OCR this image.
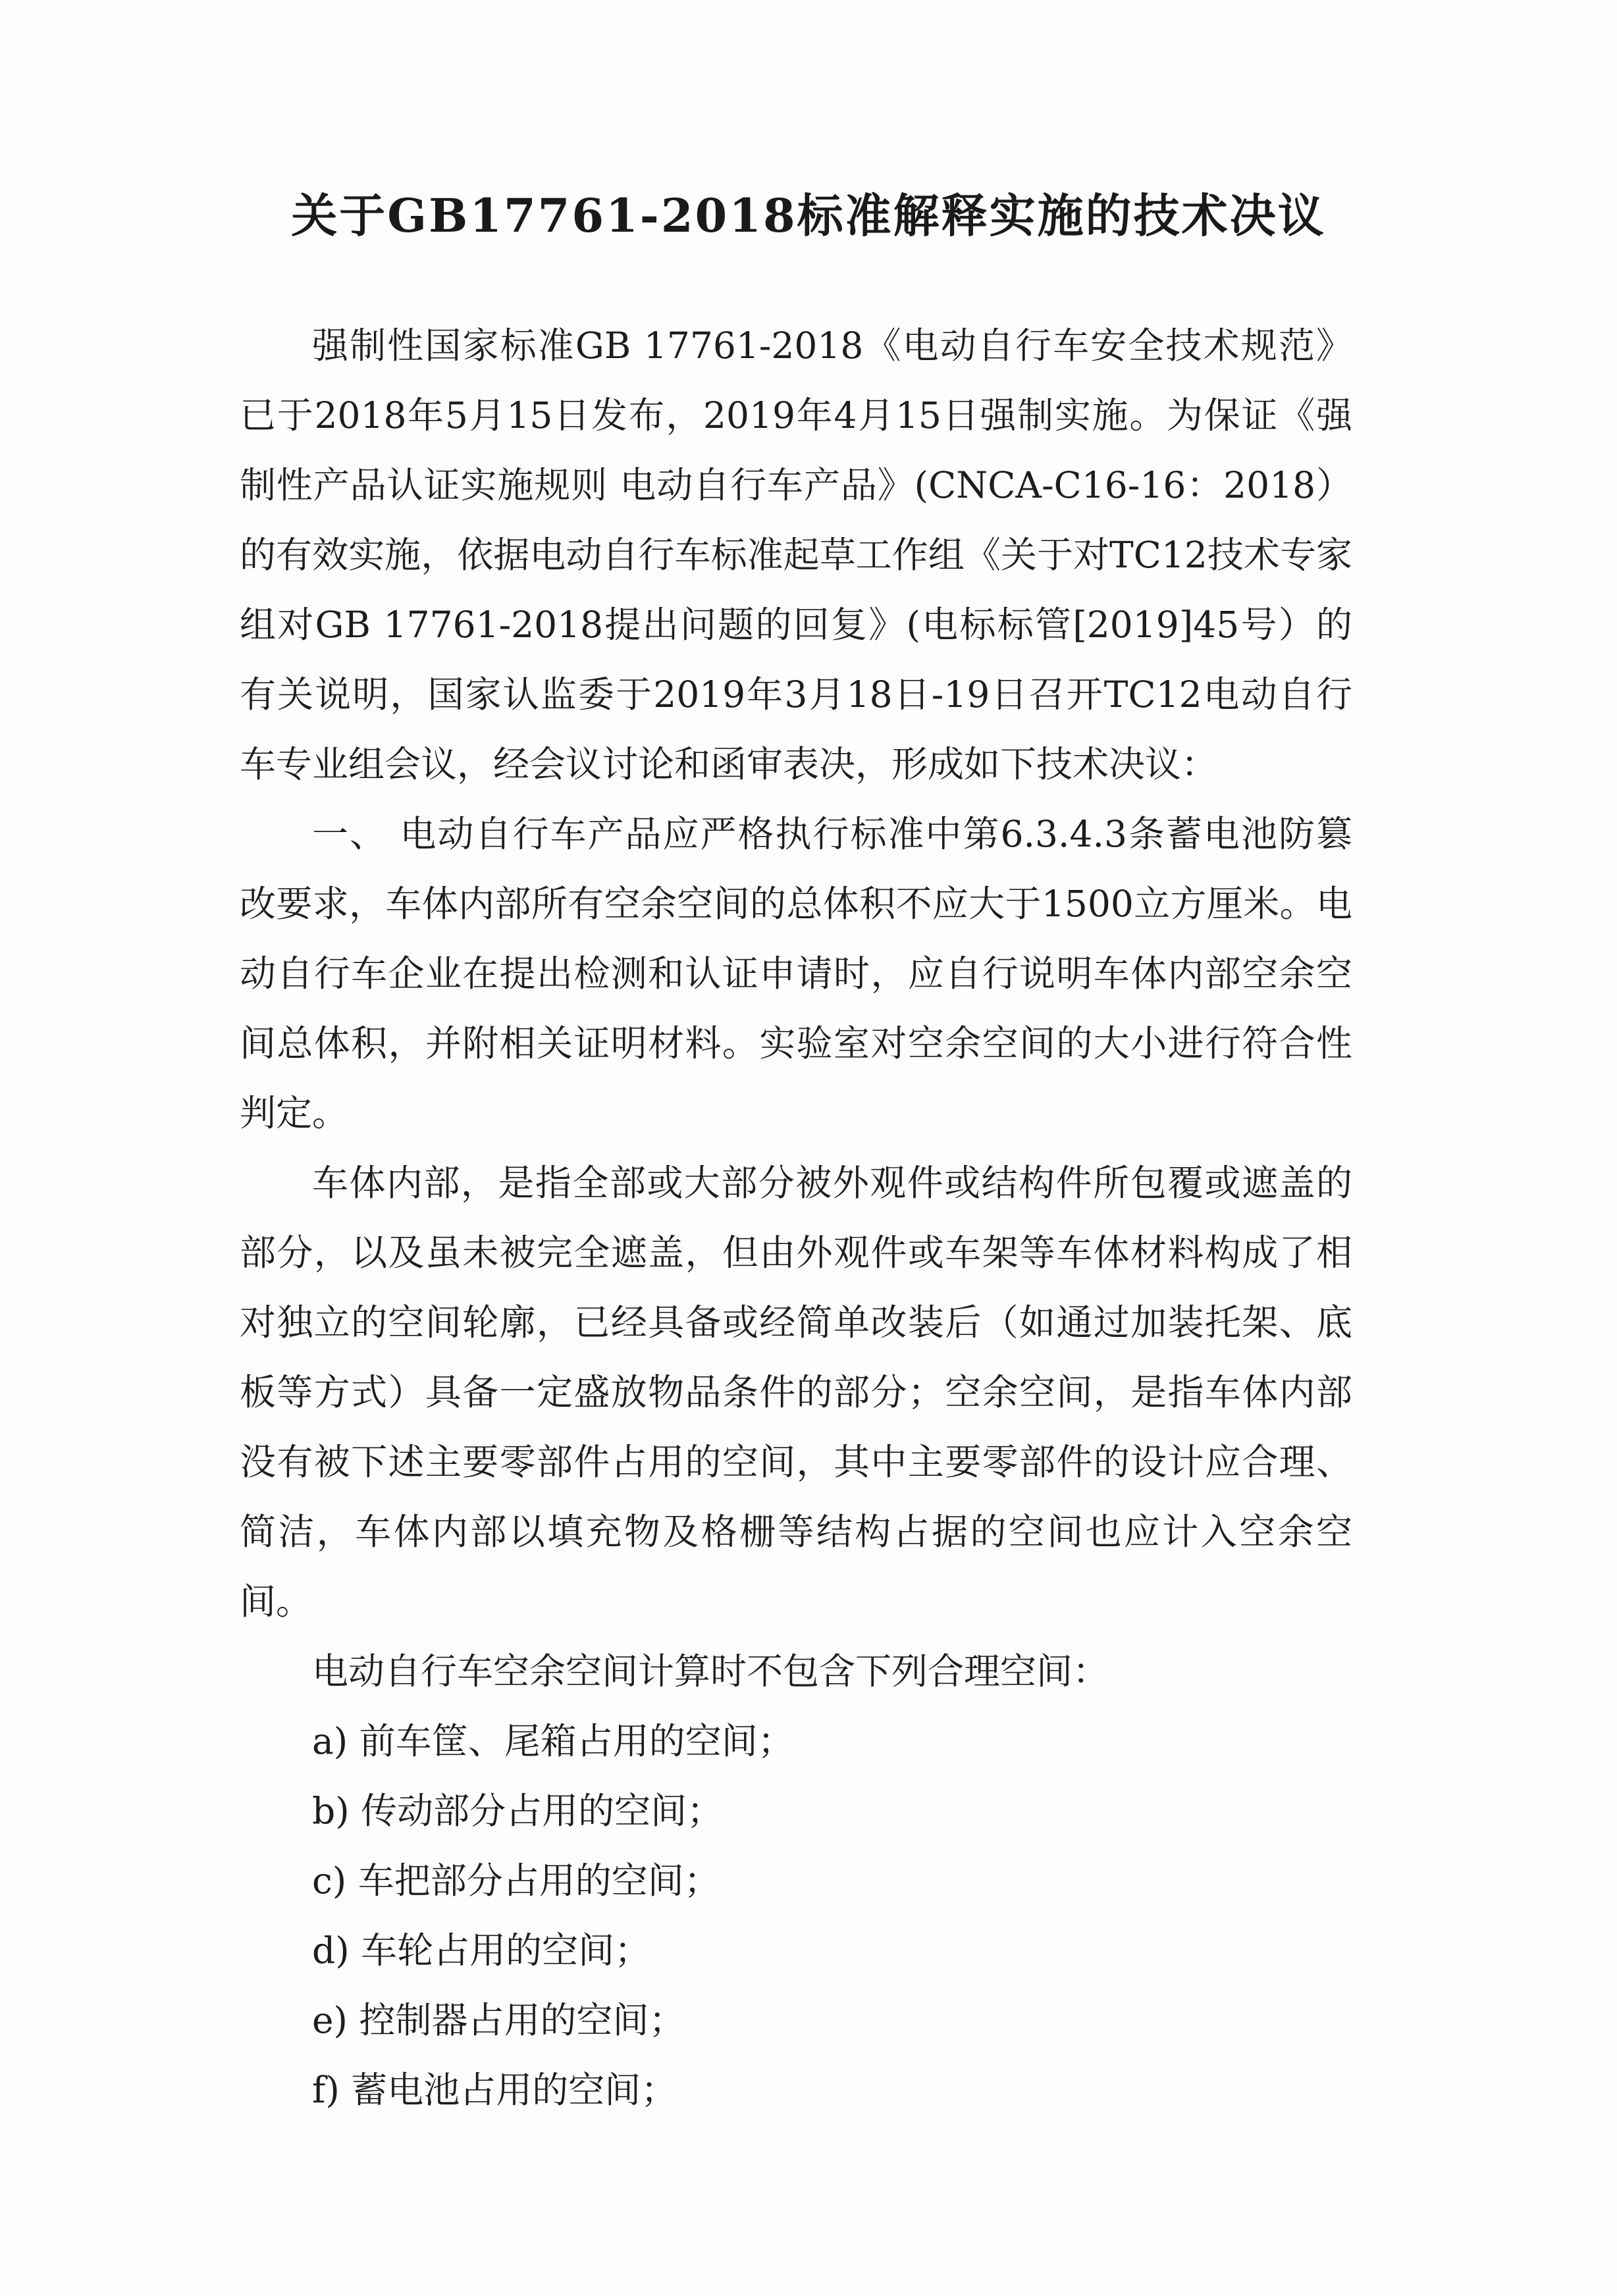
关于GB17761-2018标准解释实施的技术决议

强制性国家标准GB 17761-2018《电动自行车安全技术规范》已于2018年5月15日发布，2019年4月15日强制实施。为保证《强制性产品认证实施规则 电动自行车产品》(CNCA-C16-16：2018）的有效实施，依据电动自行车标准起草工作组《关于对TC12技术专家组对GB 17761-2018提出问题的回复》(电标标管[2019]45号）的有关说明，国家认监委于2019年3月18日-19日召开TC12电动自行车专业组会议，经会议讨论和函审表决，形成如下技术决议：

一、 电动自行车产品应严格执行标准中第6.3.4.3条蓄电池防篡改要求，车体内部所有空余空间的总体积不应大于1500立方厘米。电动自行车企业在提出检测和认证申请时，应自行说明车体内部空余空间总体积，并附相关证明材料。实验室对空余空间的大小进行符合性判定。

车体内部，是指全部或大部分被外观件或结构件所包覆或遮盖的部分，以及虽未被完全遮盖，但由外观件或车架等车体材料构成了相对独立的空间轮廓，已经具备或经简单改装后（如通过加装托架、底板等方式）具备一定盛放物品条件的部分；空余空间，是指车体内部没有被下述主要零部件占用的空间，其中主要零部件的设计应合理、简洁，车体内部以填充物及格栅等结构占据的空间也应计入空余空间。

电动自行车空余空间计算时不包含下列合理空间：

a) 前车筐、尾箱占用的空间；

b) 传动部分占用的空间；

c) 车把部分占用的空间；

d) 车轮占用的空间；

e) 控制器占用的空间；

f) 蓄电池占用的空间；
